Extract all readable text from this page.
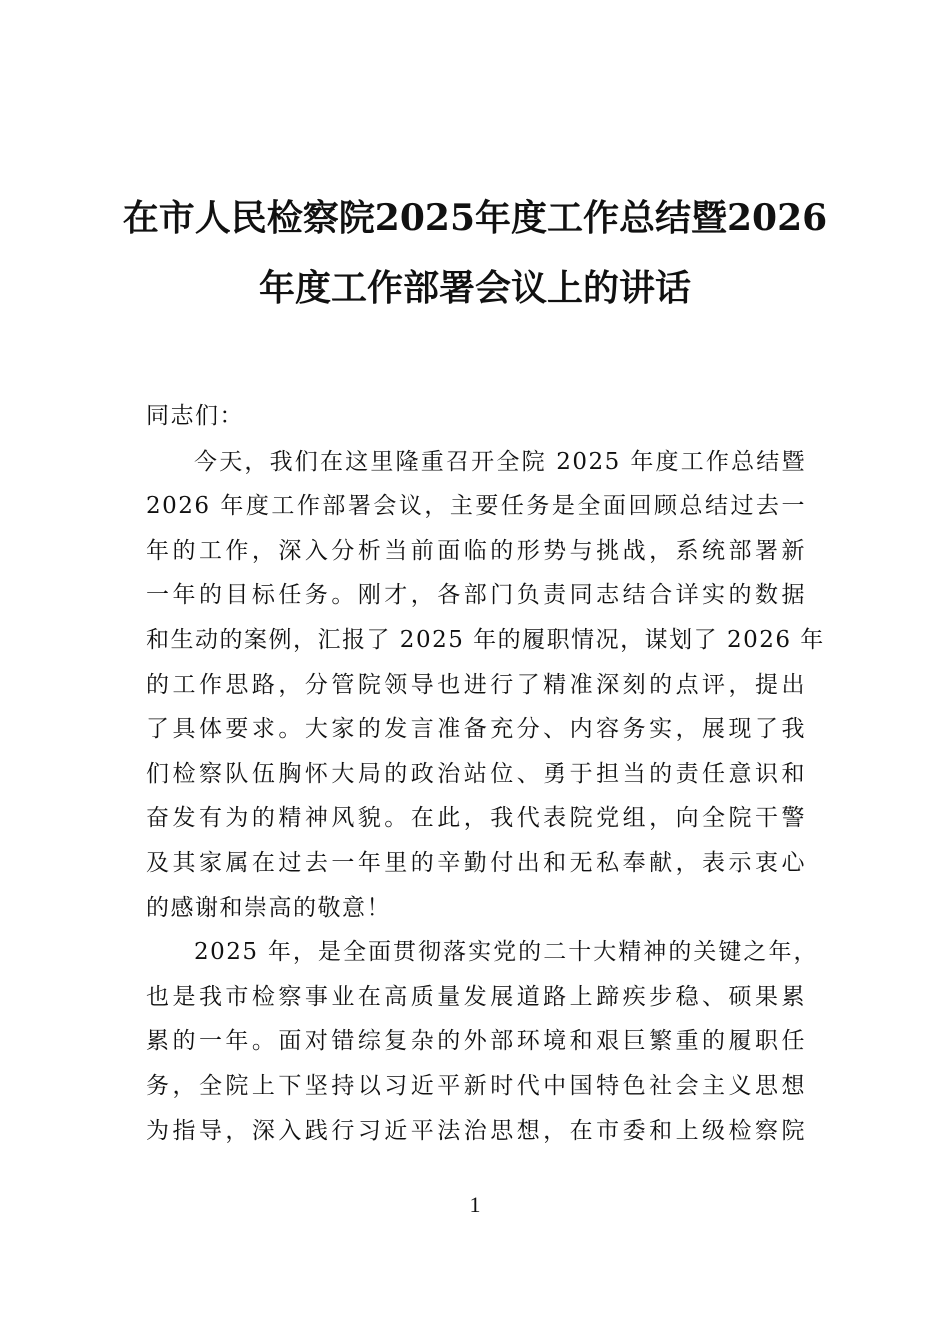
在市人民检察院2025年度工作总结暨2026
年度工作部署会议上的讲话
同志们：
今天，我们在这里隆重召开全院 2025 年度工作总结暨
2026 年度工作部署会议，主要任务是全面回顾总结过去一
年的工作，深入分析当前面临的形势与挑战，系统部署新
一年的目标任务。刚才，各部门负责同志结合详实的数据
和生动的案例，汇报了 2025 年的履职情况，谋划了 2026 年
的工作思路，分管院领导也进行了精准深刻的点评，提出
了具体要求。大家的发言准备充分、内容务实，展现了我
们检察队伍胸怀大局的政治站位、勇于担当的责任意识和
奋发有为的精神风貌。在此，我代表院党组，向全院干警
及其家属在过去一年里的辛勤付出和无私奉献，表示衷心
的感谢和崇高的敬意！
2025 年，是全面贯彻落实党的二十大精神的关键之年，
也是我市检察事业在高质量发展道路上蹄疾步稳、硕果累
累的一年。面对错综复杂的外部环境和艰巨繁重的履职任
务，全院上下坚持以习近平新时代中国特色社会主义思想
为指导，深入践行习近平法治思想，在市委和上级检察院
1
